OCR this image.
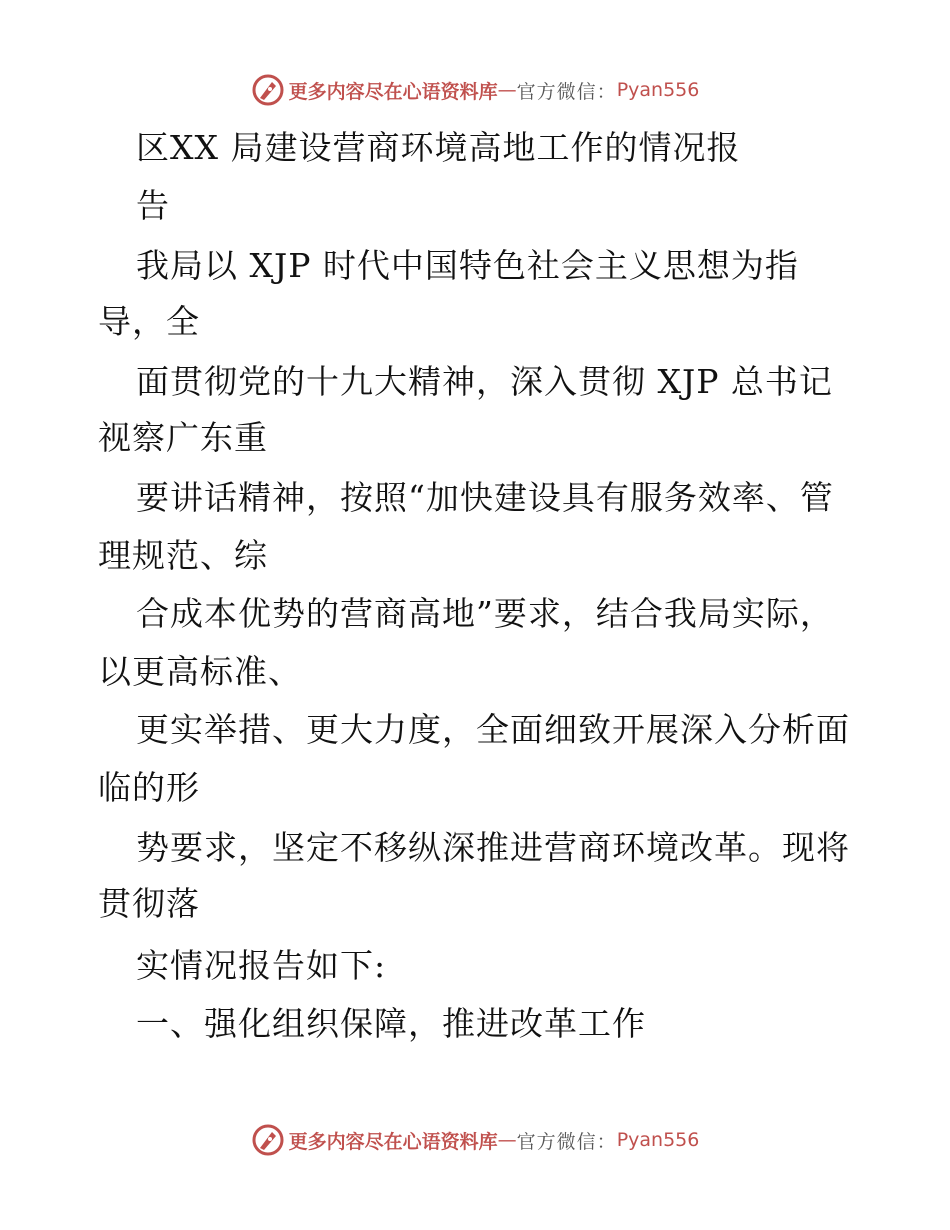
更多内容尽在心语资料库 — 官方微信： Pyan556
区XX 局建设营商环境高地工作的情况报
告
我局以 XJP 时代中国特色社会主义思想为指
导，全
面贯彻党的十九大精神，深入贯彻 XJP 总书记
视察广东重
要讲话精神，按照“加快建设具有服务效率、管
理规范、综
合成本优势的营商高地”要求，结合我局实际，
以更高标准、
更实举措、更大力度，全面细致开展深入分析面
临的形
势要求，坚定不移纵深推进营商环境改革。现将
贯彻落
实情况报告如下:
一、强化组织保障，推进改革工作
更多内容尽在心语资料库 — 官方微信： Pyan556
